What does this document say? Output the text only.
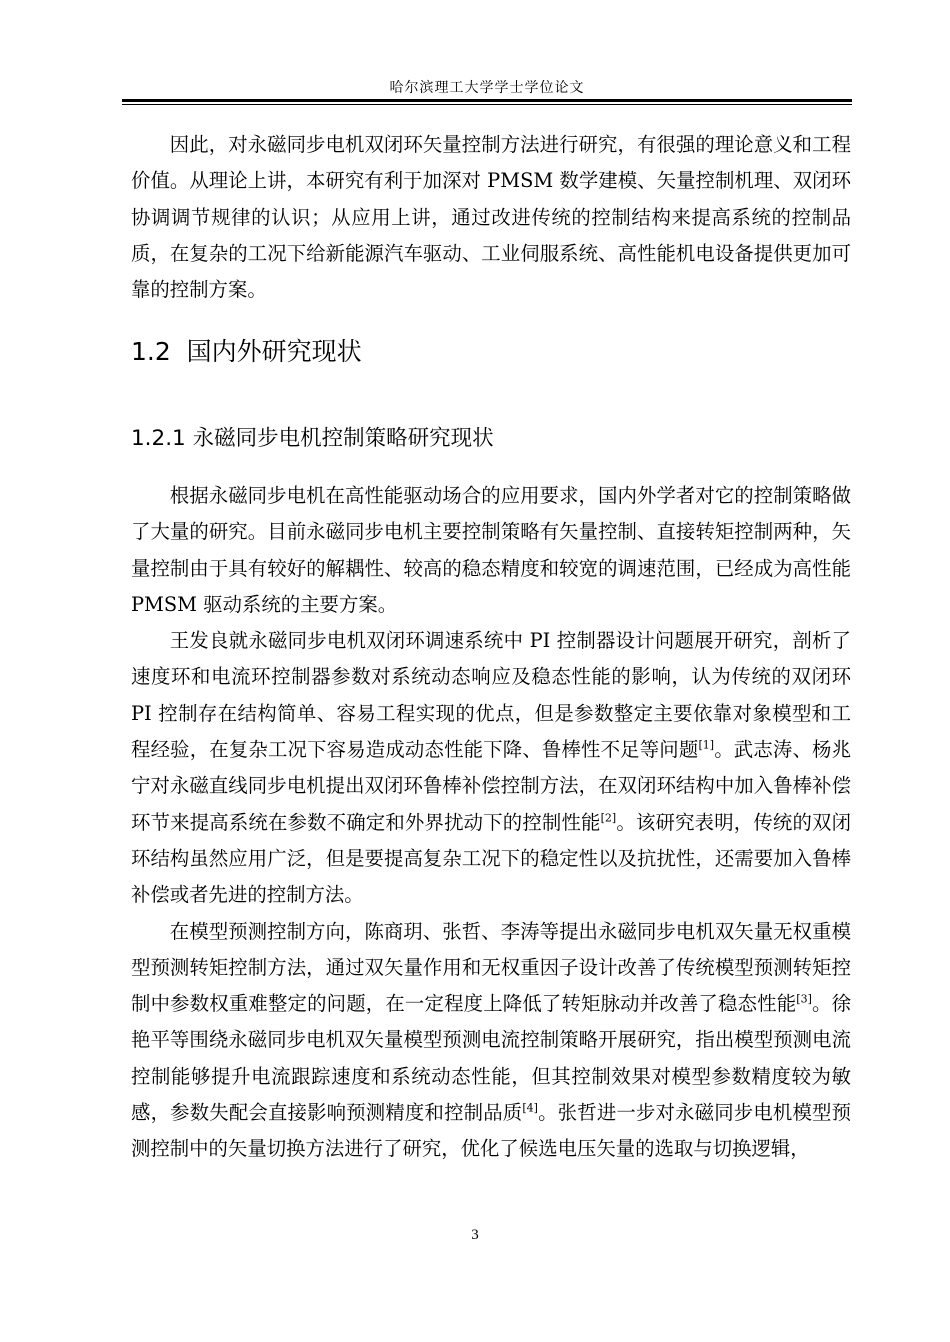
哈尔滨理工大学学士学位论文

因此，对永磁同步电机双闭环矢量控制方法进行研究，有很强的理论意义和工程价值。从理论上讲，本研究有利于加深对 PMSM 数学建模、矢量控制机理、双闭环协调调节规律的认识；从应用上讲，通过改进传统的控制结构来提高系统的控制品质，在复杂的工况下给新能源汽车驱动、工业伺服系统、高性能机电设备提供更加可靠的控制方案。

1.2 国内外研究现状
1.2.1 永磁同步电机控制策略研究现状

根据永磁同步电机在高性能驱动场合的应用要求，国内外学者对它的控制策略做了大量的研究。目前永磁同步电机主要控制策略有矢量控制、直接转矩控制两种，矢量控制由于具有较好的解耦性、较高的稳态精度和较宽的调速范围，已经成为高性能 PMSM 驱动系统的主要方案。

王发良就永磁同步电机双闭环调速系统中 PI 控制器设计问题展开研究，剖析了速度环和电流环控制器参数对系统动态响应及稳态性能的影响，认为传统的双闭环 PI 控制存在结构简单、容易工程实现的优点，但是参数整定主要依靠对象模型和工程经验，在复杂工况下容易造成动态性能下降、鲁棒性不足等问题[1]。武志涛、杨兆宁对永磁直线同步电机提出双闭环鲁棒补偿控制方法，在双闭环结构中加入鲁棒补偿环节来提高系统在参数不确定和外界扰动下的控制性能[2]。该研究表明，传统的双闭环结构虽然应用广泛，但是要提高复杂工况下的稳定性以及抗扰性，还需要加入鲁棒补偿或者先进的控制方法。

在模型预测控制方向，陈商玥、张哲、李涛等提出永磁同步电机双矢量无权重模型预测转矩控制方法，通过双矢量作用和无权重因子设计改善了传统模型预测转矩控制中参数权重难整定的问题，在一定程度上降低了转矩脉动并改善了稳态性能[3]。徐艳平等围绕永磁同步电机双矢量模型预测电流控制策略开展研究，指出模型预测电流控制能够提升电流跟踪速度和系统动态性能，但其控制效果对模型参数精度较为敏感，参数失配会直接影响预测精度和控制品质[4]。张哲进一步对永磁同步电机模型预测控制中的矢量切换方法进行了研究，优化了候选电压矢量的选取与切换逻辑，

3
